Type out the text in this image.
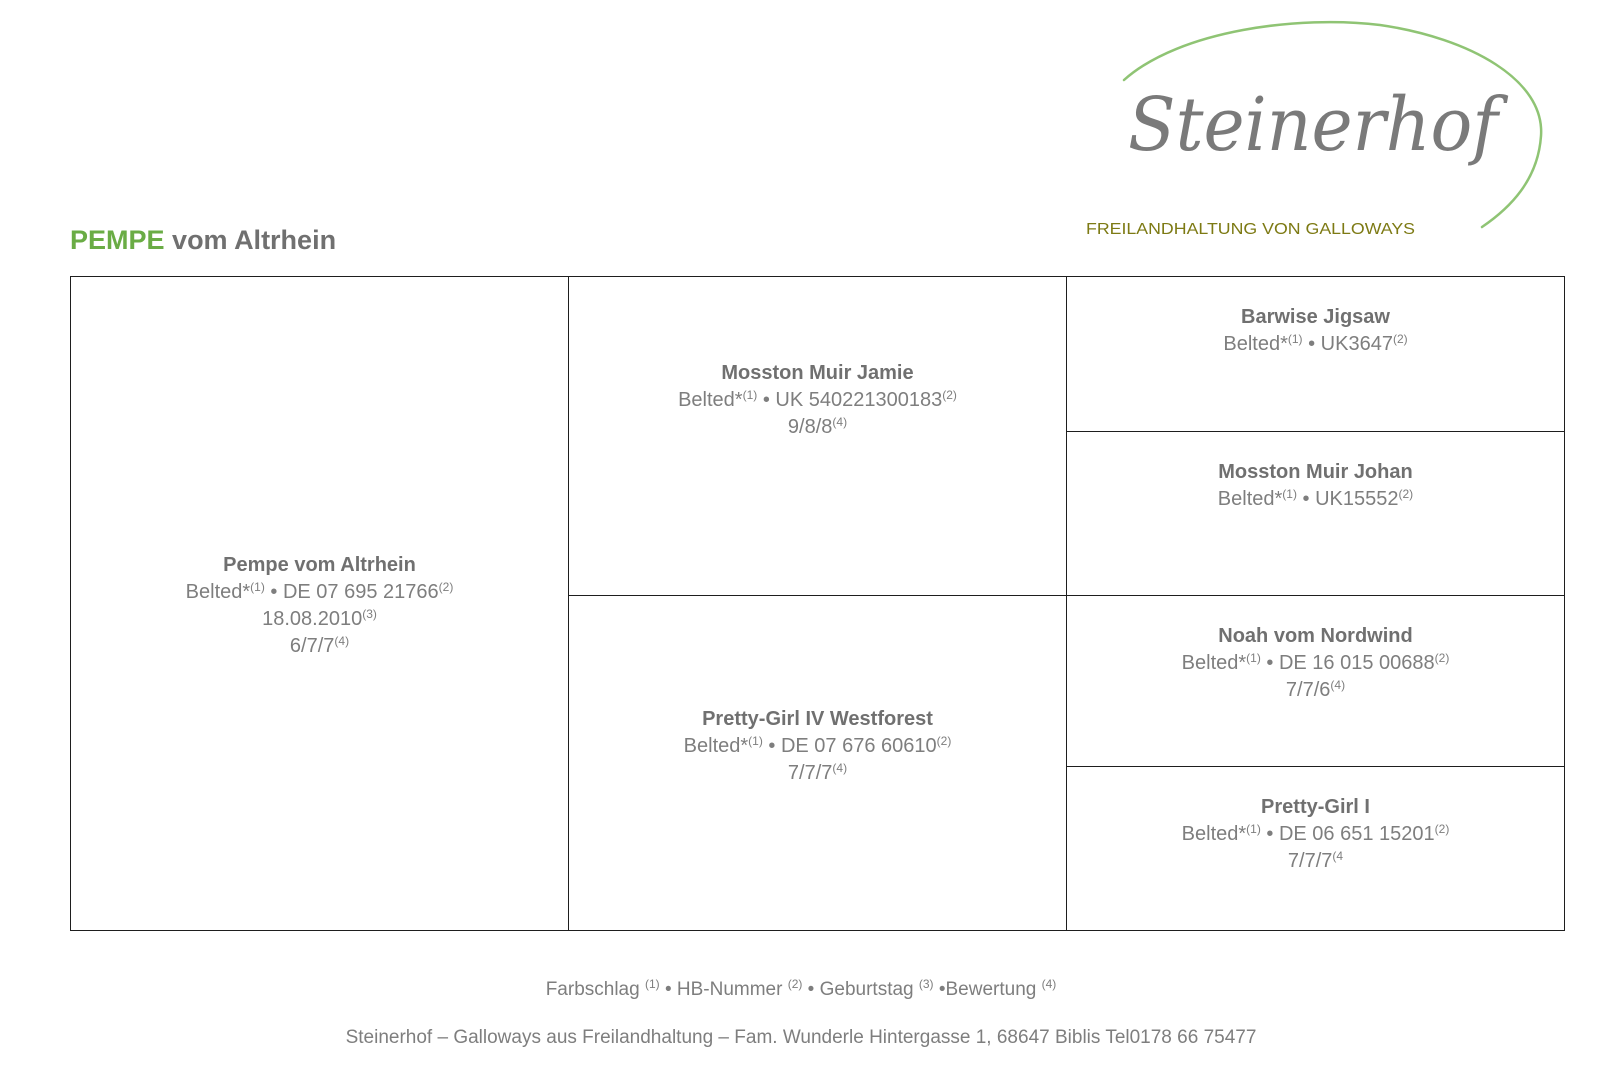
Steinerhof
FREILANDHALTUNG VON GALLOWAYS
PEMPE vom Altrhein
Pempe vom Altrhein
Belted*$^{(1)}$ • DE 07 695 21766$^{(2)}$
18.08.2010$^{(3)}$
6/7/7$^{(4)}$
Mosston Muir Jamie
Belted*$^{(1)}$ • UK 540221300183$^{(2)}$
9/8/8$^{(4)}$
Barwise Jigsaw
Belted*$^{(1)}$ • UK3647$^{(2)}$
Mosston Muir Johan
Belted*$^{(1)}$ • UK15552$^{(2)}$
Pretty-Girl IV Westforest
Belted*$^{(1)}$ • DE 07 676 60610$^{(2)}$
7/7/7$^{(4)}$
Noah vom Nordwind
Belted*$^{(1)}$ • DE 16 015 00688$^{(2)}$
7/7/6$^{(4)}$
Pretty-Girl I
Belted*$^{(1)}$ • DE 06 651 15201$^{(2)}$
7/7/7$^{(4}$
Farbschlag $^{(1)}$ • HB-Nummer $^{(2)}$ • Geburtstag $^{(3)}$ •Bewertung $^{(4)}$
Steinerhof – Galloways aus Freilandhaltung – Fam. Wunderle Hintergasse 1, 68647 Biblis Tel0178 66 75477
